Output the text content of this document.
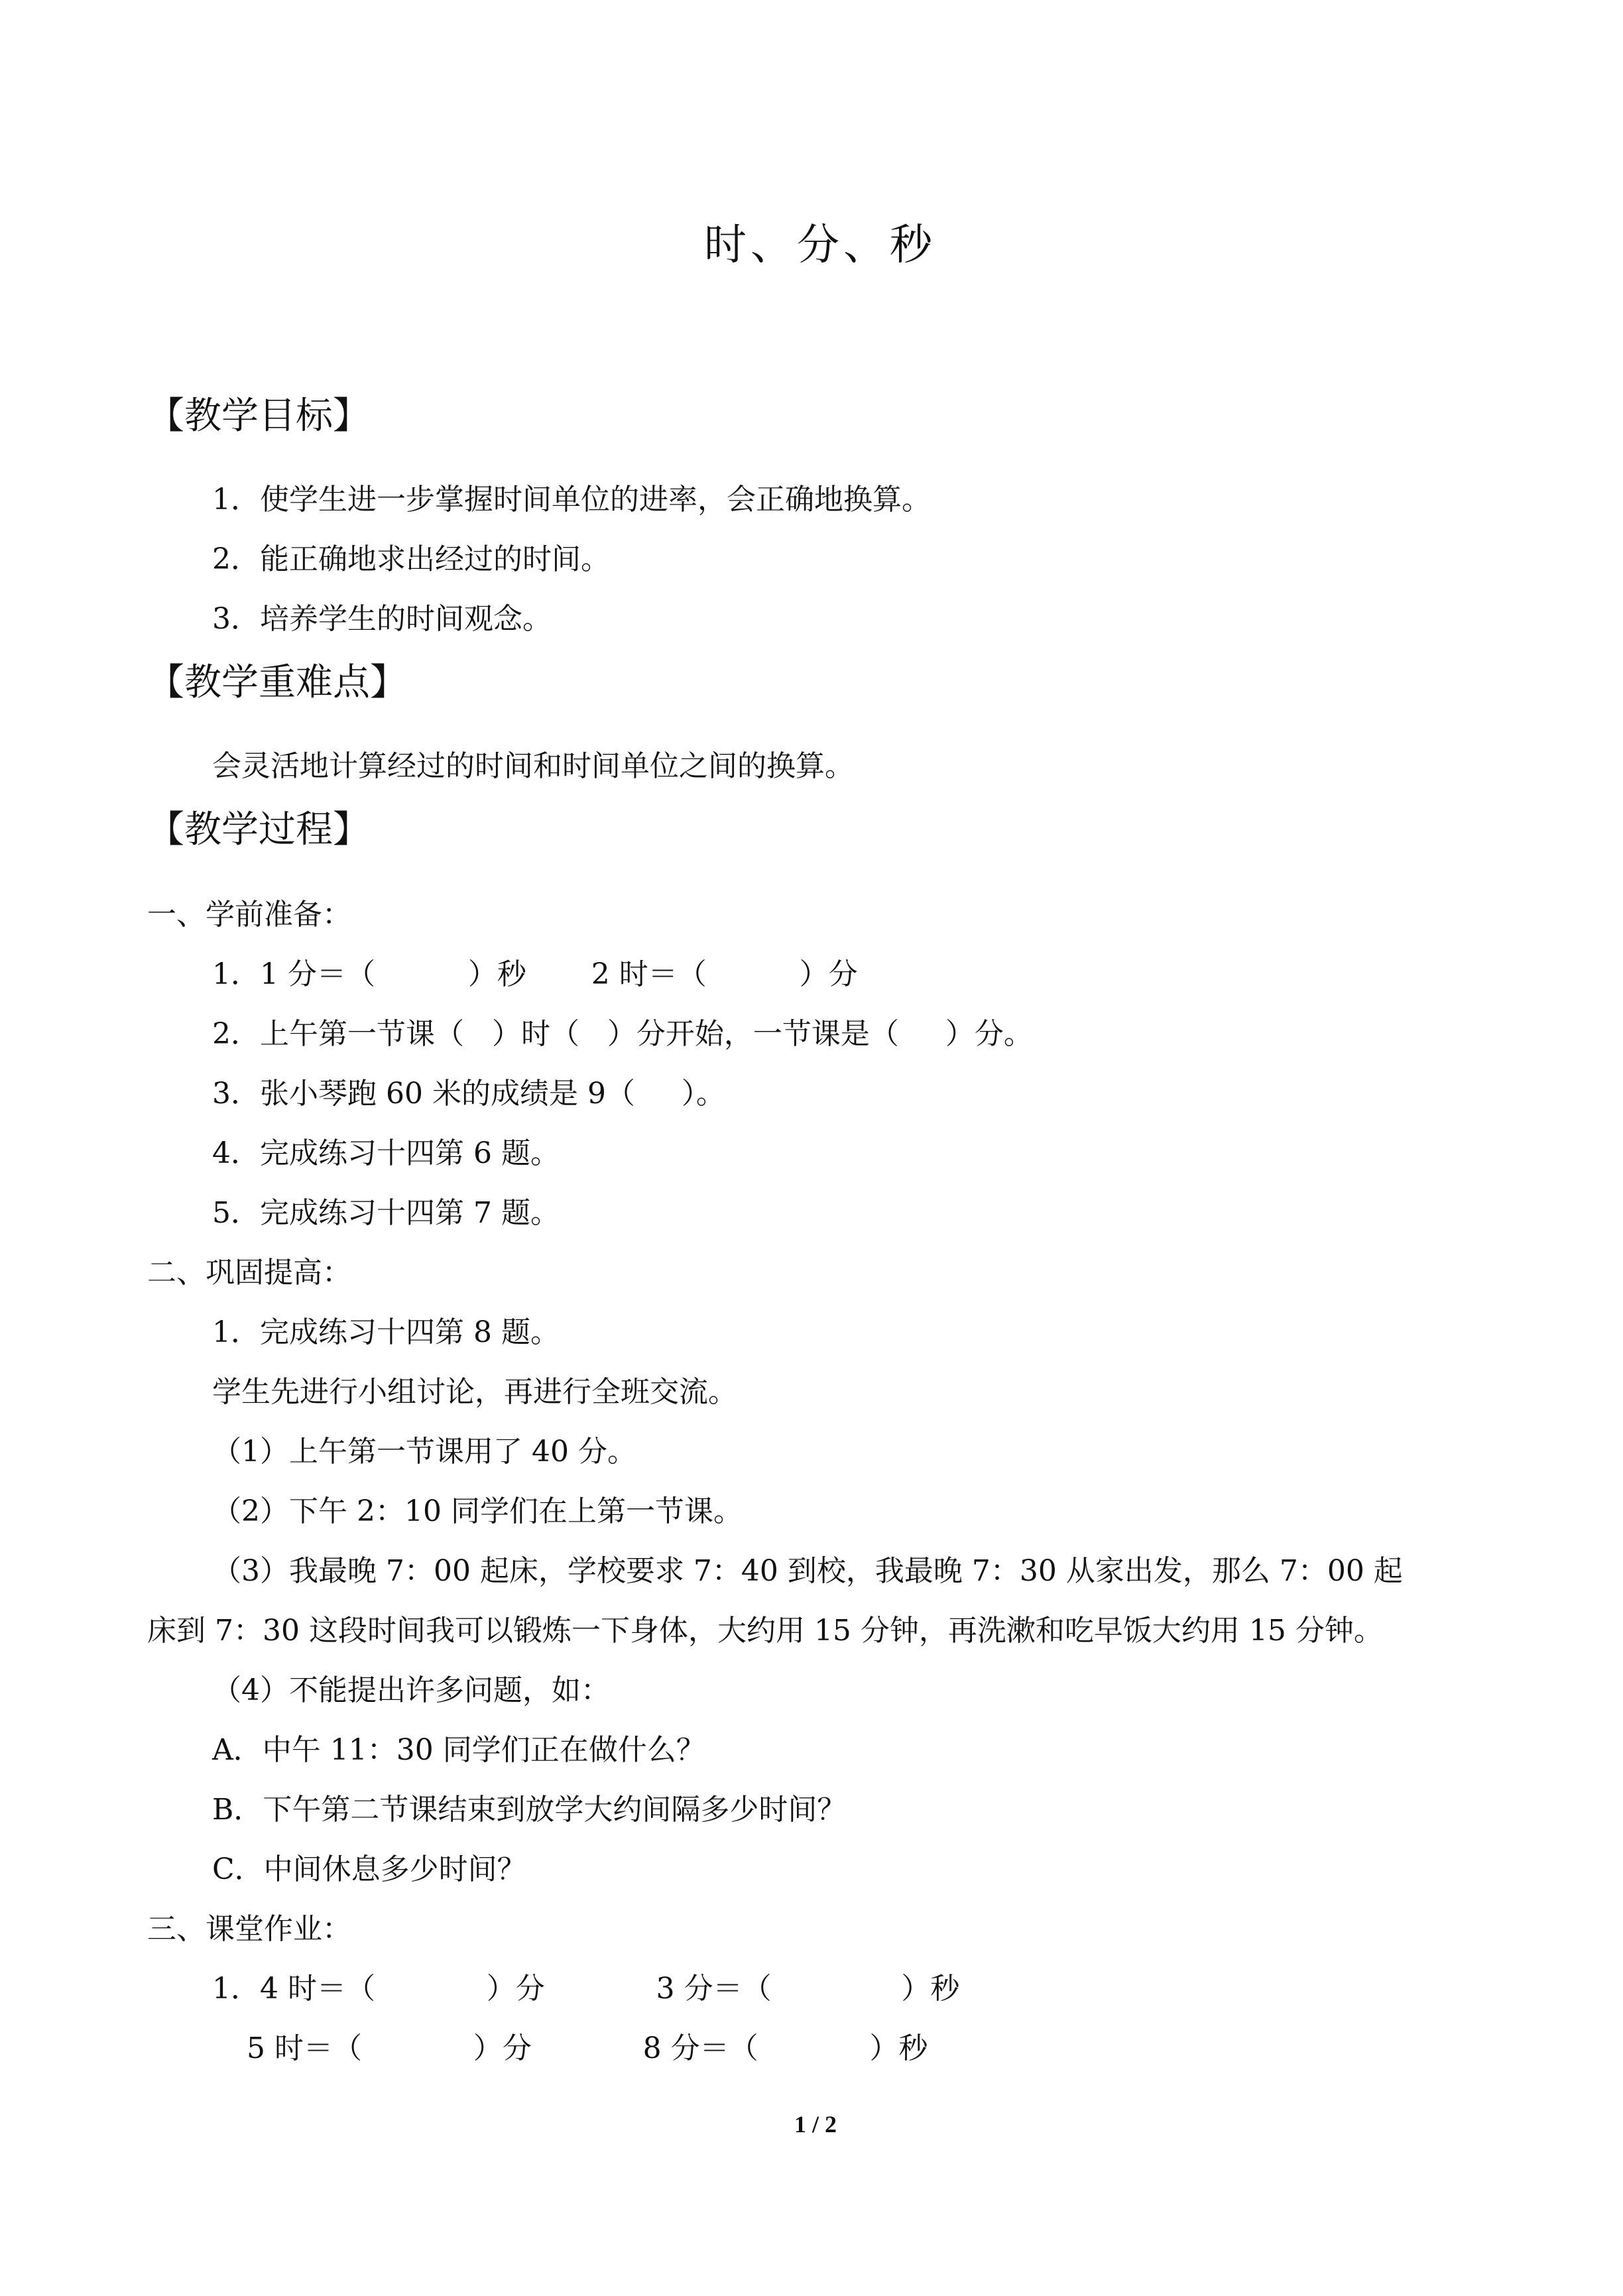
时、分、秒
【教学目标】
1．使学生进一步掌握时间单位的进率，会正确地换算。
2．能正确地求出经过的时间。
3．培养学生的时间观念。
【教学重难点】
会灵活地计算经过的时间和时间单位之间的换算。
【教学过程】
一、学前准备：
1．1 分＝（          ）秒       2 时＝（          ）分
2．上午第一节课（   ）时（   ）分开始，一节课是（     ）分。
3．张小琴跑 60 米的成绩是 9（     ）。
4．完成练习十四第 6 题。
5．完成练习十四第 7 题。
二、巩固提高：
1．完成练习十四第 8 题。
学生先进行小组讨论，再进行全班交流。
（1）上午第一节课用了 40 分。
（2）下午 2：10 同学们在上第一节课。
（3）我最晚 7：00 起床，学校要求 7：40 到校，我最晚 7：30 从家出发，那么 7：00 起
床到 7：30 这段时间我可以锻炼一下身体，大约用 15 分钟，再洗漱和吃早饭大约用 15 分钟。
（4）不能提出许多问题，如：
A．中午 11：30 同学们正在做什么？
B．下午第二节课结束到放学大约间隔多少时间？
C．中间休息多少时间？
三、课堂作业：
1．4 时＝（            ）分            3 分＝（              ）秒
5 时＝（            ）分            8 分＝（            ）秒
1 / 2
